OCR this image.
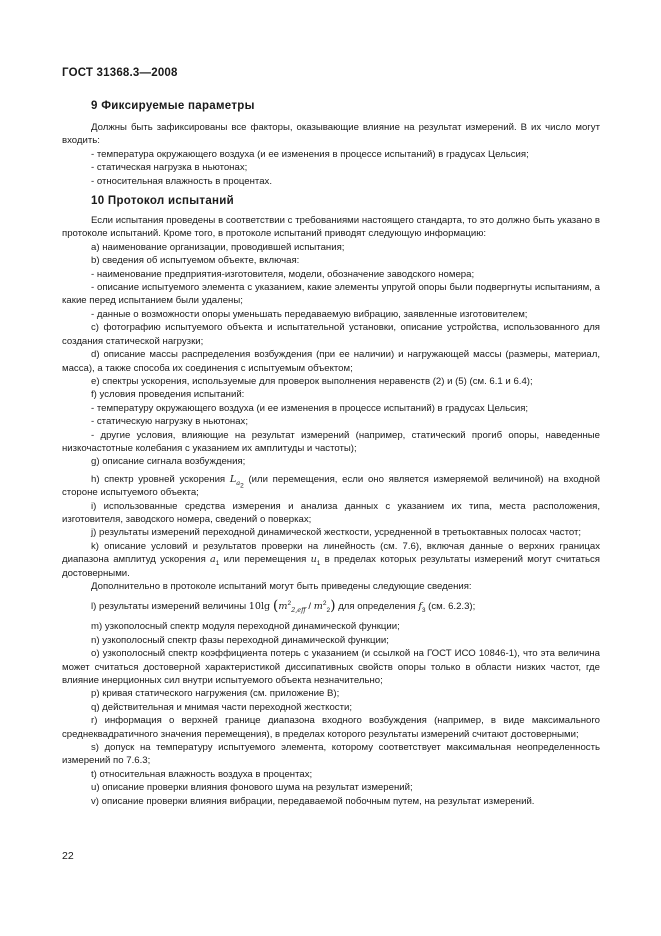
ГОСТ 31368.3—2008
9 Фиксируемые параметры

Должны быть зафиксированы все факторы, оказывающие влияние на результат измерений. В их число могут входить:

- температура окружающего воздуха (и ее изменения в процессе испытаний) в градусах Цельсия;

- статическая нагрузка в ньютонах;

- относительная влажность в процентах.

10 Протокол испытаний

Если испытания проведены в соответствии с требованиями настоящего стандарта, то это должно быть указано в протоколе испытаний. Кроме того, в протоколе испытаний приводят следующую информацию:

a) наименование организации, проводившей испытания;

b) сведения об испытуемом объекте, включая:

- наименование предприятия-изготовителя, модели, обозначение заводского номера;

- описание испытуемого элемента с указанием, какие элементы упругой опоры были подвергнуты испытаниям, а какие перед испытанием были удалены;

- данные о возможности опоры уменьшать передаваемую вибрацию, заявленные изготовителем;

c) фотографию испытуемого объекта и испытательной установки, описание устройства, использованного для создания статической нагрузки;

d) описание массы распределения возбуждения (при ее наличии) и нагружающей массы (размеры, материал, масса), а также способа их соединения с испытуемым объектом;

e) спектры ускорения, используемые для проверок выполнения неравенств (2) и (5) (см. 6.1 и 6.4);

f) условия проведения испытаний:

- температуру окружающего воздуха (и ее изменения в процессе испытаний) в градусах Цельсия;

- статическую нагрузку в ньютонах;

- другие условия, влияющие на результат измерений (например, статический прогиб опоры, наведенные низкочастотные колебания с указанием их амплитуды и частоты);

g) описание сигнала возбуждения;

h) спектр уровней ускорения $L_{a_2}$ (или перемещения, если оно является измеряемой величиной) на входной стороне испытуемого объекта;

i) использованные средства измерения и анализа данных с указанием их типа, места расположения, изготовителя, заводского номера, сведений о поверках;

j) результаты измерений переходной динамической жесткости, усредненной в третьоктавных полосах частот;

k) описание условий и результатов проверки на линейность (см. 7.6), включая данные о верхних границах диапазона амплитуд ускорения $a_1$ или перемещения $u_1$ в пределах которых результаты измерений могут считаться достоверными.

Дополнительно в протоколе испытаний могут быть приведены следующие сведения:

l) результаты измерений величины 10lg $(m^2_{2,eff} / m^2_2)$ для определения $f_3$ (см. 6.2.3);

m) узкополосный спектр модуля переходной динамической функции;

n) узкополосный спектр фазы переходной динамической функции;

o) узкополосный спектр коэффициента потерь с указанием (и ссылкой на ГОСТ ИСО 10846-1), что эта величина может считаться достоверной характеристикой диссипативных свойств опоры только в области низких частот, где влияние инерционных сил внутри испытуемого объекта незначительно;

p) кривая статического нагружения (см. приложение В);

q) действительная и мнимая части переходной жесткости;

r) информация о верхней границе диапазона входного возбуждения (например, в виде максимального среднеквадратичного значения перемещения), в пределах которого результаты измерений считают достоверными;

s) допуск на температуру испытуемого элемента, которому соответствует максимальная неопределенность измерений по 7.6.3;

t) относительная влажность воздуха в процентах;

u) описание проверки влияния фонового шума на результат измерений;

v) описание проверки влияния вибрации, передаваемой побочным путем, на результат измерений.

22
